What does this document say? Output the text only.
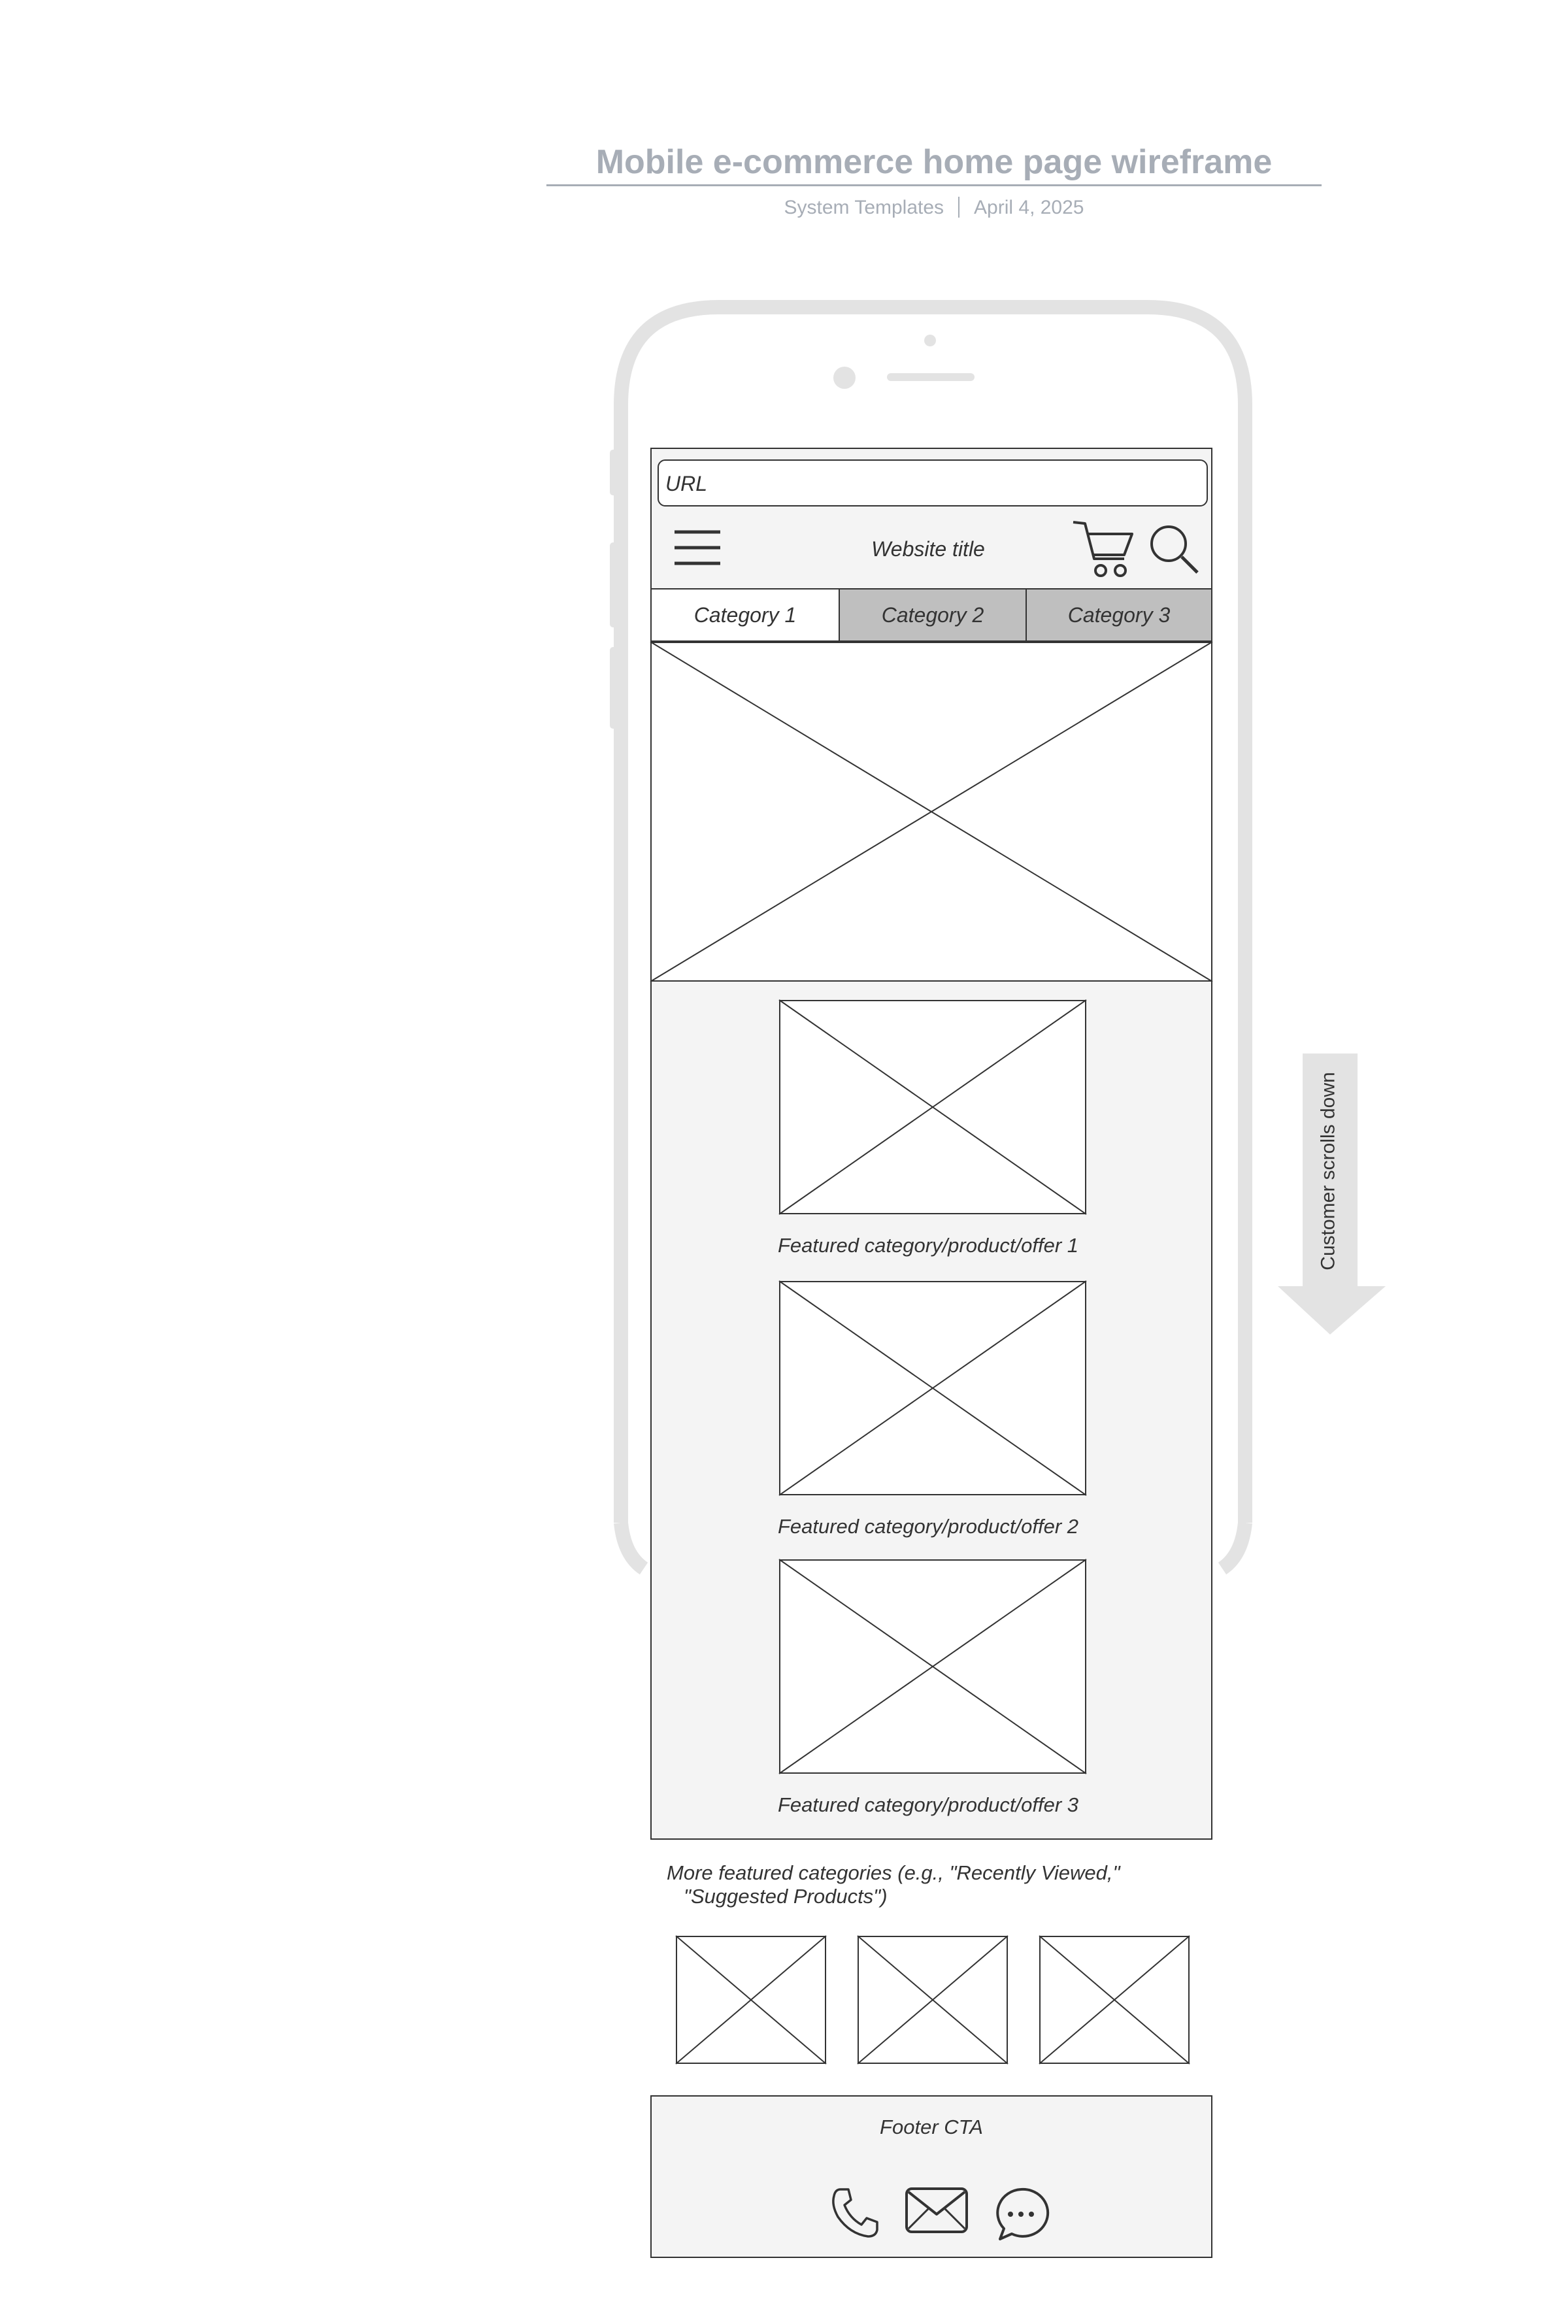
Mobile e-commerce home page wireframe
System Templates April 4, 2025
URL
Website title
Category 1	Category 2	Category 3
Featured category/product/offer 1
Featured category/product/offer 2
Featured category/product/offer 3
More featured categories (e.g., "Recently Viewed,"
"Suggested Products")
Footer CTA
Customer scrolls down
